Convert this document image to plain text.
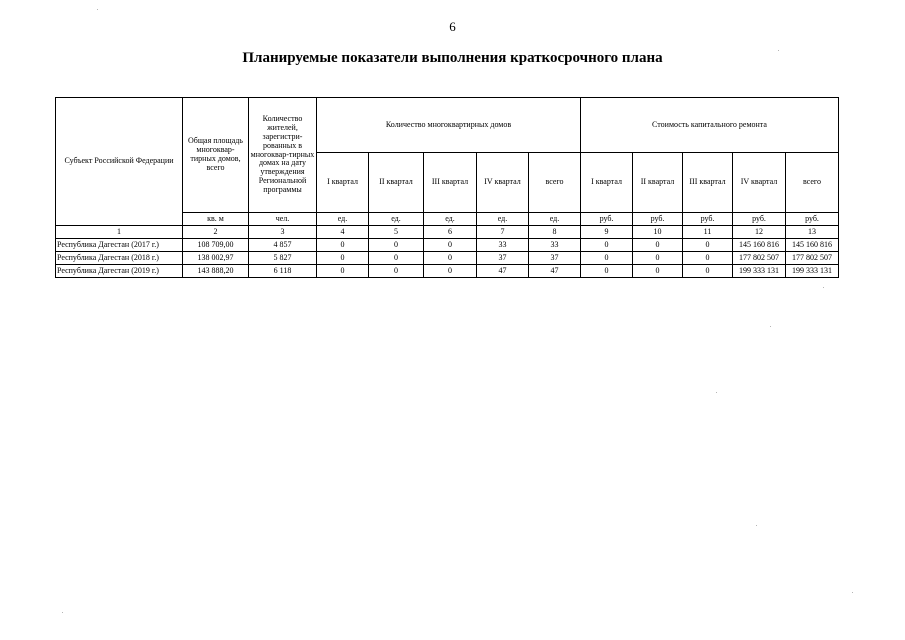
6
Планируемые показатели выполнения краткосрочного плана
Субъект Российской Федерации	Общая площадь многоквар-тирных домов, всего	Количество жителей, зарегистри-рованных в многоквар-тирных домах на дату утверждения Региональной программы	Количество многоквартирных домов					Стоимость капитального ремонта				
			I квартал	II квартал	III квартал	IV квартал	всего	I квартал	II квартал	III квартал	IV квартал	всего
	кв. м	чел.	ед.	ед.	ед.	ед.	ед.	руб.	руб.	руб.	руб.	руб.
1	2	3	4	5	6	7	8	9	10	11	12	13
Республика Дагестан (2017 г.)	108 709,00	4 857	0	0	0	33	33	0	0	0	145 160 816	145 160 816
Республика Дагестан (2018 г.)	138 002,97	5 827	0	0	0	37	37	0	0	0	177 802 507	177 802 507
Республика Дагестан (2019 г.)	143 888,20	6 118	0	0	0	47	47	0	0	0	199 333 131	199 333 131
